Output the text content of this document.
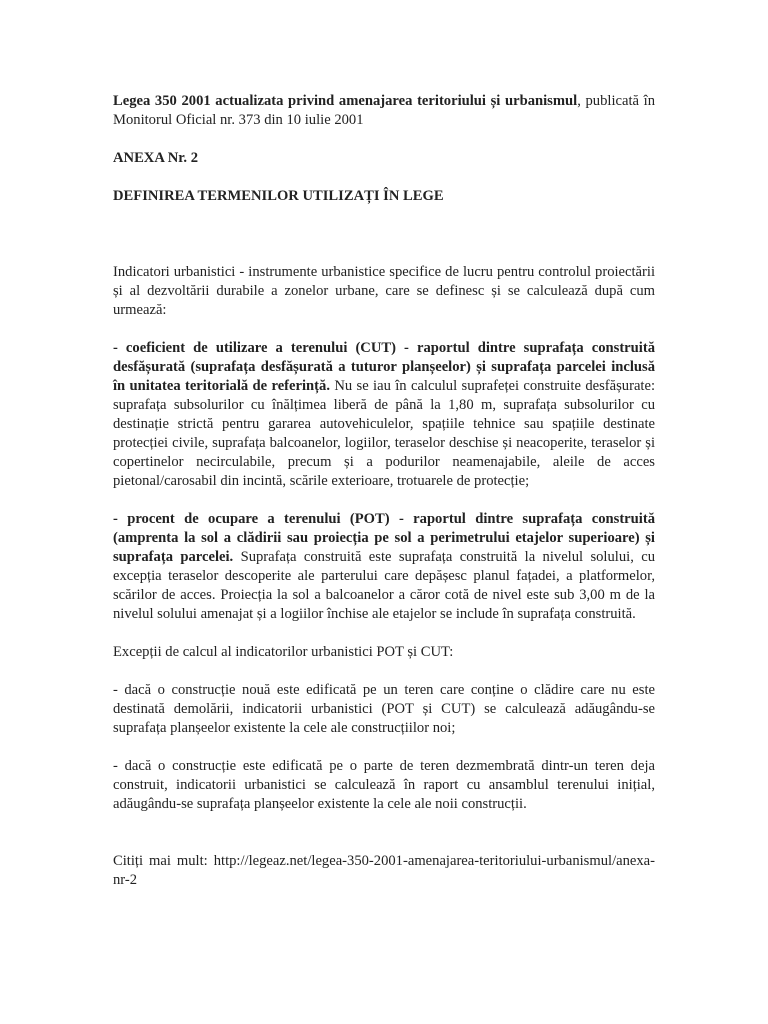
Legea 350 2001 actualizata privind amenajarea teritoriului și urbanismul, publicată în Monitorul Oficial nr. 373 din 10 iulie 2001

ANEXA Nr. 2

DEFINIREA TERMENILOR UTILIZAȚI ÎN LEGE

Indicatori urbanistici - instrumente urbanistice specifice de lucru pentru controlul proiectării și al dezvoltării durabile a zonelor urbane, care se definesc și se calculează după cum urmează:

- coeficient de utilizare a terenului (CUT) - raportul dintre suprafața construită desfășurată (suprafața desfășurată a tuturor planșeelor) și suprafața parcelei inclusă în unitatea teritorială de referință. Nu se iau în calculul suprafeței construite desfășurate: suprafața subsolurilor cu înălțimea liberă de până la 1,80 m, suprafața subsolurilor cu destinație strictă pentru gararea autovehiculelor, spațiile tehnice sau spațiile destinate protecției civile, suprafața balcoanelor, logiilor, teraselor deschise și neacoperite, teraselor și copertinelor necirculabile, precum și a podurilor neamenajabile, aleile de acces pietonal/carosabil din incintă, scările exterioare, trotuarele de protecție;

- procent de ocupare a terenului (POT) - raportul dintre suprafața construită (amprenta la sol a clădirii sau proiecția pe sol a perimetrului etajelor superioare) și suprafața parcelei. Suprafața construită este suprafața construită la nivelul solului, cu excepția teraselor descoperite ale parterului care depășesc planul fațadei, a platformelor, scărilor de acces. Proiecția la sol a balcoanelor a căror cotă de nivel este sub 3,00 m de la nivelul solului amenajat și a logiilor închise ale etajelor se include în suprafața construită.

Excepții de calcul al indicatorilor urbanistici POT și CUT:

- dacă o construcție nouă este edificată pe un teren care conține o clădire care nu este destinată demolării, indicatorii urbanistici (POT și CUT) se calculează adăugându-se suprafața planșeelor existente la cele ale construcțiilor noi;

- dacă o construcție este edificată pe o parte de teren dezmembrată dintr-un teren deja construit, indicatorii urbanistici se calculează în raport cu ansamblul terenului inițial, adăugându-se suprafața planșeelor existente la cele ale noii construcții.

Citiți mai mult: http://legeaz.net/legea-350-2001-amenajarea-teritoriului-urbanismul/anexa-nr-2
